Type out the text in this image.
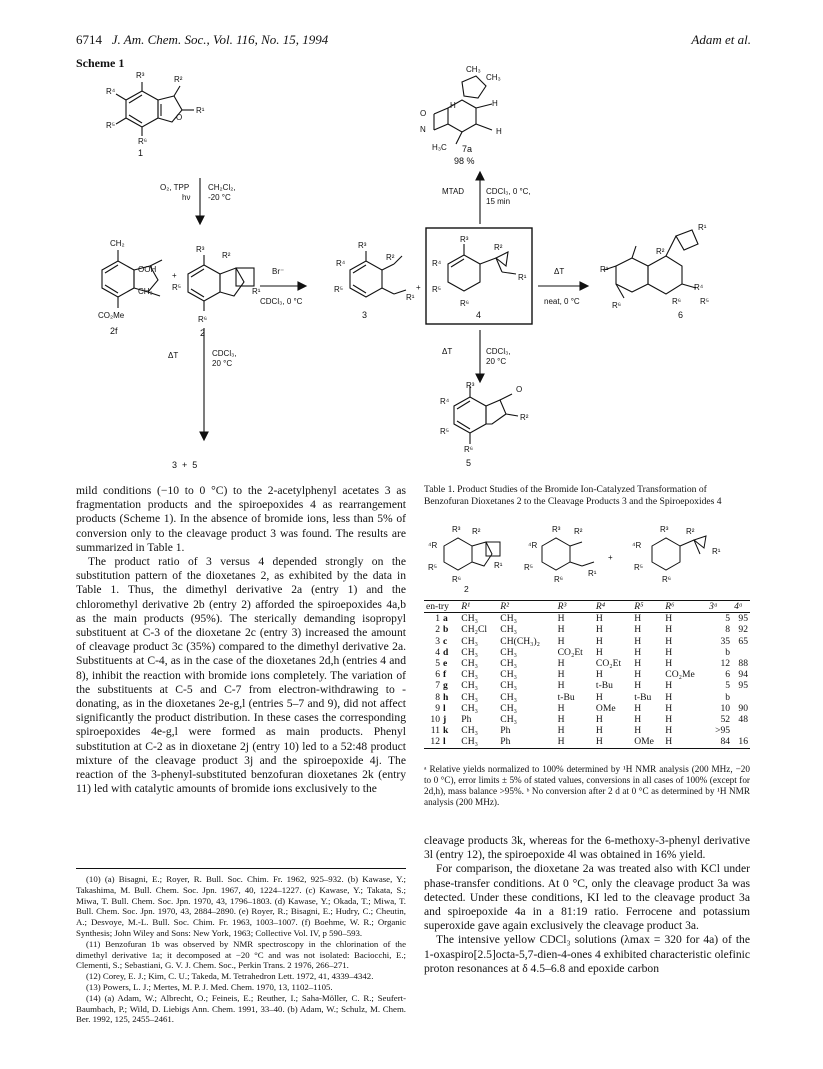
6714 J. Am. Chem. Soc., Vol. 116, No. 15, 1994	Adam et al.
Scheme 1
R³	R²
R⁴
R¹
O
R⁵
R⁶
1
O₂, TPP
hν
CH₂Cl₂,
-20 °C
CH₂
OOH
CH₃
CO₂Me
2f
+
R³
R²
R⁵	R¹
R⁶
2
Br⁻
CDCl₃, 0 °C
R³
R²
R⁴
R⁵
R¹
3
+
R³
R²
R⁴
R¹
R⁵
R⁶
4
MTAD	CDCl₃, 0 °C,
15 min
CH₃
CH₃
H	H
O
N	H
H₃C 7a
98 %
ΔT
neat, 0 °C
R¹
R²
R¹
R⁴
R⁶	R⁶ R⁵
6
ΔT	CDCl₃,
20 °C
R³
R⁴
O
R²
R⁵
R⁶
5
ΔT	CDCl₃,
20 °C
3  +  5

mild conditions (−10 to 0 °C) to the 2-acetylphenyl acetates 3 as fragmentation products and the spiroepoxides 4 as rearrangement products (Scheme 1). In the absence of bromide ions, less than 5% of conversion only to the cleavage product 3 was found. The results are summarized in Table 1.

The product ratio of 3 versus 4 depended strongly on the substitution pattern of the dioxetanes 2, as exhibited by the data in Table 1. Thus, the dimethyl derivative 2a (entry 1) and the chloromethyl derivative 2b (entry 2) afforded the spiroepoxides 4a,b as the main products (95%). The sterically demanding isopropyl substituent at C-3 of the dioxetane 2c (entry 3) increased the amount of cleavage product 3c (35%) compared to the dimethyl derivative 2a. Substituents at C-4, as in the case of the dioxetanes 2d,h (entries 4 and 8), inhibit the reaction with bromide ions completely. The variation of the substituents at C-5 and C-7 from electron-withdrawing to -donating, as in the dioxetanes 2e-g,l (entries 5–7 and 9), did not affect significantly the product distribution. In these cases the corresponding spiroepoxides 4e-g,l were formed as main products. Phenyl substitution at C-2 as in dioxetane 2j (entry 10) led to a 52:48 product mixture of the cleavage product 3j and the spiroepoxide 4j. The reaction of the 3-phenyl-substituted benzofuran dioxetanes 2k (entry 11) led with catalytic amounts of bromide ions exclusively to the

(10) (a) Bisagni, E.; Royer, R. Bull. Soc. Chim. Fr. 1962, 925–932. (b) Kawase, Y.; Takashima, M. Bull. Chem. Soc. Jpn. 1967, 40, 1224–1227. (c) Kawase, Y.; Takata, S.; Miwa, T. Bull. Chem. Soc. Jpn. 1970, 43, 1796–1803. (d) Kawase, Y.; Okada, T.; Miwa, T. Bull. Chem. Soc. Jpn. 1970, 43, 2884–2890. (e) Royer, R.; Bisagni, E.; Hudry, C.; Cheutin, A.; Desvoye, M.-L. Bull. Soc. Chim. Fr. 1963, 1003–1007. (f) Boehme, W. R.; Organic Synthesis; John Wiley and Sons: New York, 1963; Collective Vol. IV, p 590–593.

(11) Benzofuran 1b was observed by NMR spectroscopy in the chlorination of the dimethyl derivative 1a; it decomposed at −20 °C and was not isolated: Baciocchi, E.; Clementi, S.; Sebastiani, G. V. J. Chem. Soc., Perkin Trans. 2 1976, 266–271.

(12) Corey, E. J.; Kim, C. U.; Takeda, M. Tetrahedron Lett. 1972, 41, 4339–4342.

(13) Powers, L. J.; Mertes, M. P. J. Med. Chem. 1970, 13, 1102–1105.

(14) (a) Adam, W.; Albrecht, O.; Feineis, E.; Reuther, I.; Saha-Möller, C. R.; Seufert-Baumbach, P.; Wild, D. Liebigs Ann. Chem. 1991, 33–40. (b) Adam, W.; Schulz, M. Chem. Ber. 1992, 125, 2455–2461.

Table 1. Product Studies of the Bromide Ion-Catalyzed Transformation of Benzofuran Dioxetanes 2 to the Cleavage Products 3 and the Spiroepoxides 4
R³ R²
⁴R
R¹
R⁵
R⁶
2
R³ R²
⁴R
R⁵
R¹
R⁶
+
R³ R²
⁴R
R¹
R⁵
R⁶
en-try	R¹	R²	R³	R⁴	R⁵	R⁶	3ᵃ	4ᵃ
1 a	CH₃	CH₃	H	H	H	H	5	95
2 b	CH₂Cl	CH₃	H	H	H	H	8	92
3 c	CH₃	CH(CH₃)₂	H	H	H	H	35	65
4 d	CH₃	CH₃	CO₂Et	H	H	H	b	
5 e	CH₃	CH₃	H	CO₂Et	H	H	12	88
6 f	CH₃	CH₃	H	H	H	CO₂Me	6	94
7 g	CH₃	CH₃	H	t-Bu	H	H	5	95
8 h	CH₃	CH₃	t-Bu	H	t-Bu	H	b	
9 l	CH₃	CH₃	H	OMe	H	H	10	90
10 j	Ph	CH₃	H	H	H	H	52	48
11 k	CH₃	Ph	H	H	H	H	>95	
12 l	CH₃	Ph	H	H	OMe	H	84	16
ᵃ Relative yields normalized to 100% determined by ¹H NMR analysis (200 MHz, −20 to 0 °C), error limits ± 5% of stated values, conversions in all cases of 100% (except for 2d,h), mass balance >95%. ᵇ No conversion after 2 d at 0 °C as determined by ¹H NMR analysis (200 MHz).

cleavage products 3k, whereas for the 6-methoxy-3-phenyl derivative 3l (entry 12), the spiroepoxide 4l was obtained in 16% yield.

For comparison, the dioxetane 2a was treated also with KCl under phase-transfer conditions. At 0 °C, only the cleavage product 3a was detected. Under these conditions, KI led to the cleavage product 3a and spiroepoxide 4a in a 81:19 ratio. Ferrocene and potassium superoxide gave again exclusively the cleavage product 3a.

The intensive yellow CDCl₃ solutions (λmax = 320 for 4a) of the 1-oxaspiro[2.5]octa-5,7-dien-4-ones 4 exhibited characteristic olefinic proton resonances at δ 4.5–6.8 and epoxide carbon
